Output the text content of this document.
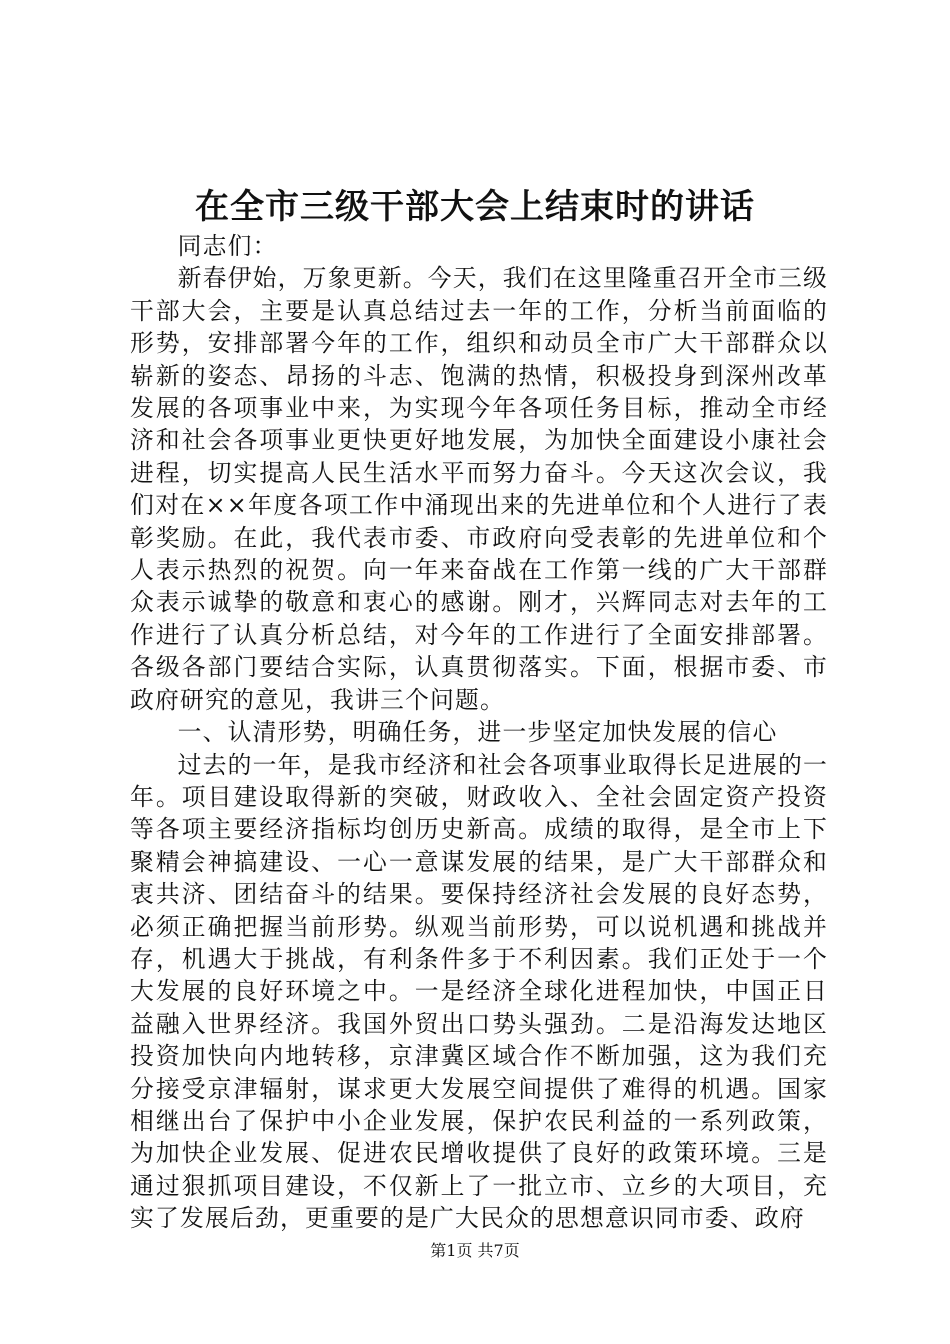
在全市三级干部大会上结束时的讲话

同志们：

新春伊始，万象更新。今天，我们在这里隆重召开全市三级干部大会，主要是认真总结过去一年的工作，分析当前面临的形势，安排部署今年的工作，组织和动员全市广大干部群众以崭新的姿态、昂扬的斗志、饱满的热情，积极投身到深州改革发展的各项事业中来，为实现今年各项任务目标，推动全市经济和社会各项事业更快更好地发展，为加快全面建设小康社会进程，切实提高人民生活水平而努力奋斗。今天这次会议，我们对在××年度各项工作中涌现出来的先进单位和个人进行了表彰奖励。在此，我代表市委、市政府向受表彰的先进单位和个人表示热烈的祝贺。向一年来奋战在工作第一线的广大干部群众表示诚挚的敬意和衷心的感谢。刚才，兴辉同志对去年的工作进行了认真分析总结，对今年的工作进行了全面安排部署。各级各部门要结合实际，认真贯彻落实。下面，根据市委、市政府研究的意见，我讲三个问题。

一、认清形势，明确任务，进一步坚定加快发展的信心

过去的一年，是我市经济和社会各项事业取得长足进展的一年。项目建设取得新的突破，财政收入、全社会固定资产投资等各项主要经济指标均创历史新高。成绩的取得，是全市上下聚精会神搞建设、一心一意谋发展的结果，是广大干部群众和衷共济、团结奋斗的结果。要保持经济社会发展的良好态势，必须正确把握当前形势。纵观当前形势，可以说机遇和挑战并存，机遇大于挑战，有利条件多于不利因素。我们正处于一个大发展的良好环境之中。一是经济全球化进程加快，中国正日益融入世界经济。我国外贸出口势头强劲。二是沿海发达地区投资加快向内地转移，京津冀区域合作不断加强，这为我们充分接受京津辐射，谋求更大发展空间提供了难得的机遇。国家相继出台了保护中小企业发展，保护农民利益的一系列政策，为加快企业发展、促进农民增收提供了良好的政策环境。三是通过狠抓项目建设，不仅新上了一批立市、立乡的大项目，充实了发展后劲，更重要的是广大民众的思想意识同市委、政府

第1页 共7页
